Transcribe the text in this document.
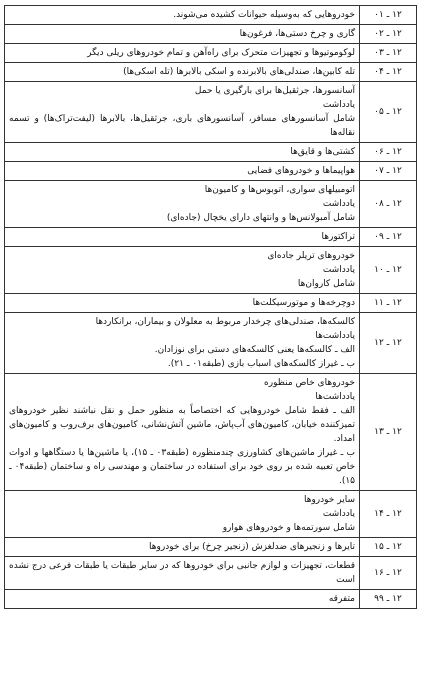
۱۲ ـ ۰۱	خودروهایی که به‌وسیله حیوانات کشیده می‌شوند.

۱۲ ـ ۰۲	گاری و چرخ دستی‌ها، فرغون‌ها

۱۲ ـ ۰۳	لوکوموتیوها و تجهیزات متحرک برای راه‌آهن و تمام خودروهای ریلی دیگر

۱۲ ـ ۰۴	تله کابین‌ها، صندلی‌های بالابرنده و اسکی بالابرها (تله اسکی‌ها)

۱۲ ـ ۰۵	آسانسورها، جرثقیل‌ها برای بارگیری یا حمل
یادداشت
شامل آسانسورهای مسافر، آسانسورهای باری، جرثقیل‌ها، بالابرها (لیفت‌تراک‌ها) و تسمه نقاله‌ها

۱۲ ـ ۰۶	کشتی‌ها و قایق‌ها

۱۲ ـ ۰۷	هواپیماها و خودروهای فضایی

۱۲ ـ ۰۸	اتومبیلهای سواری، اتوبوس‌ها و کامیون‌ها
یادداشت
شامل آمبولانس‌ها و وانتهای دارای یخچال (جاده‌ای)

۱۲ ـ ۰۹	تراکتورها

۱۲ ـ ۱۰	خودروهای تریلر جاده‌ای
یادداشت
شامل کاروان‌ها

۱۲ ـ ۱۱	دوچرخه‌ها و موتورسیکلت‌ها

۱۲ ـ ۱۲	کالسکه‌ها، صندلی‌های چرخدار مربوط به معلولان و بیماران، برانکاردها
یادداشت‌ها
الف ـ کالسکه‌ها یعنی کالسکه‌های دستی برای نوزادان.
ب ـ غیراز کالسکه‌های اسباب بازی (طبقه۰۱ ـ ۲۱).

۱۲ ـ ۱۳	خودروهای خاص منظوره
یادداشت‌ها
الف ـ فقط شامل خودروهایی که اختصاصاً به منظور حمل و نقل نباشند نظیر خودروهای تمیزکننده خیابان، کامیون‌های آب‌پاش، ماشین آتش‌نشانی، کامیون‌های برف‌روب و کامیون‌های امداد.
ب ـ غیراز ماشین‌های کشاورزی چندمنظوره (طبقه۰۳ ـ ۱۵)، یا ماشین‌ها یا دستگاهها و ادوات خاص تعبیه شده بر روی خود برای استفاده در ساختمان و مهندسی راه و ساختمان (طبقه۰۴ ـ ۱۵).

۱۲ ـ ۱۴	سایر خودروها
یادداشت
شامل سورتمه‌ها و خودروهای هوارو

۱۲ ـ ۱۵	تایرها و زنجیرهای ضدلغزش (زنجیر چرخ) برای خودروها

۱۲ ـ ۱۶	قطعات، تجهیزات و لوازم جانبی برای خودروها که در سایر طبقات یا طبقات فرعی درج نشده است

۱۲ ـ ۹۹	متفرقه
